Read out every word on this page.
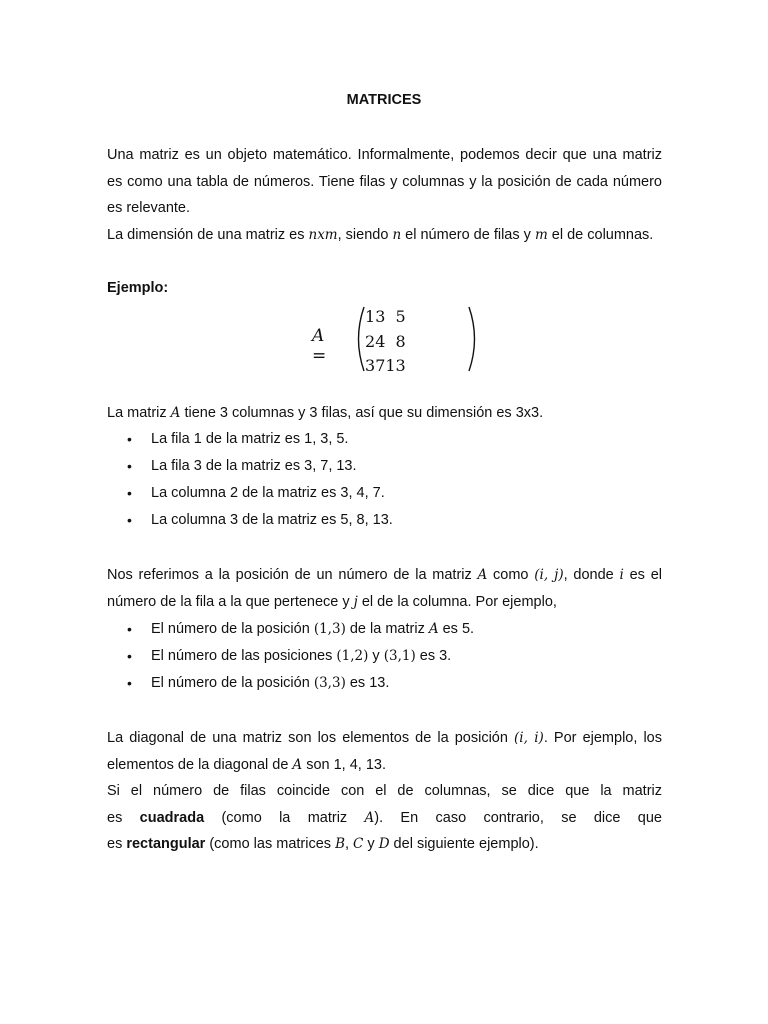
MATRICES
Una matriz es un objeto matemático. Informalmente, podemos decir que una matriz es como una tabla de números. Tiene filas y columnas y la posición de cada número es relevante.
La dimensión de una matriz es nxm, siendo n el número de filas y m el de columnas.
Ejemplo:
A =
1	3	5
2	4	8
3	7	13
La matriz A tiene 3 columnas y 3 filas, así que su dimensión es 3x3.
• La fila 1 de la matriz es 1, 3, 5.
• La fila 3 de la matriz es 3, 7, 13.
• La columna 2 de la matriz es 3, 4, 7.
• La columna 3 de la matriz es 5, 8, 13.
Nos referimos a la posición de un número de la matriz A como (i, j), donde i es el
número de la fila a la que pertenece y j el de la columna. Por ejemplo,
• El número de la posición (1,3) de la matriz A es 5.
• El número de las posiciones (1,2) y (3,1) es 3.
• El número de la posición (3,3) es 13.
La diagonal de una matriz son los elementos de la posición (i, i). Por ejemplo, los
elementos de la diagonal de A son 1, 4, 13.
Si el número de filas coincide con el de columnas, se dice que la matriz
es cuadrada (como la matriz A). En caso contrario, se dice que
es rectangular (como las matrices B, C y D del siguiente ejemplo).
